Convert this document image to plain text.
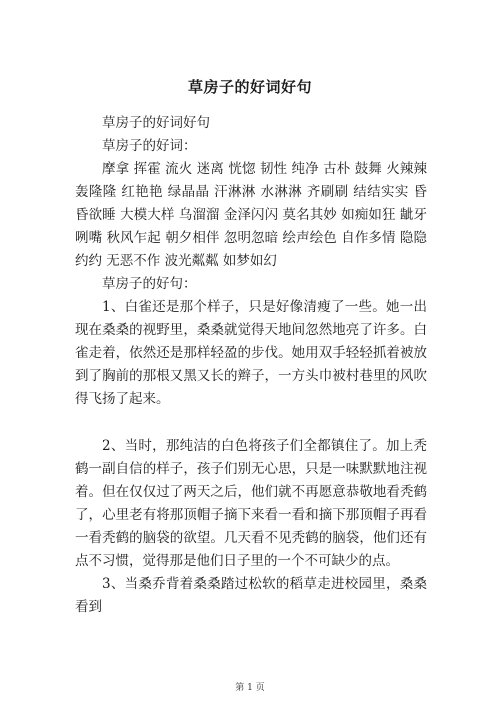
草房子的好词好句

草房子的好词好句

草房子的好词：

摩拿 挥霍 流火 迷离 恍惚 韧性 纯净 古朴 鼓舞 火辣辣 轰隆隆 红艳艳 绿晶晶 汗淋淋 水淋淋 齐刷刷 结结实实 昏昏欲睡 大模大样 乌溜溜 金泽闪闪 莫名其妙 如痴如狂 龇牙咧嘴 秋风乍起 朝夕相伴 忽明忽暗 绘声绘色 自作多情 隐隐约约 无恶不作 波光粼粼 如梦如幻

草房子的好句：

1、白雀还是那个样子，只是好像清瘦了一些。她一出现在桑桑的视野里，桑桑就觉得天地间忽然地亮了许多。白雀走着，依然还是那样轻盈的步伐。她用双手轻轻抓着被放到了胸前的那根又黑又长的辫子，一方头巾被村巷里的风吹得飞扬了起来。

2、当时，那纯洁的白色将孩子们全都镇住了。加上秃鹤一副自信的样子，孩子们别无心思，只是一味默默地注视着。但在仅仅过了两天之后，他们就不再愿意恭敬地看秃鹤了，心里老有将那顶帽子摘下来看一看和摘下那顶帽子再看一看秃鹤的脑袋的欲望。几天看不见秃鹤的脑袋，他们还有点不习惯，觉得那是他们日子里的一个不可缺少的点。

3、当桑乔背着桑桑踏过松软的稻草走进校园里，桑桑看到

第 1 页
